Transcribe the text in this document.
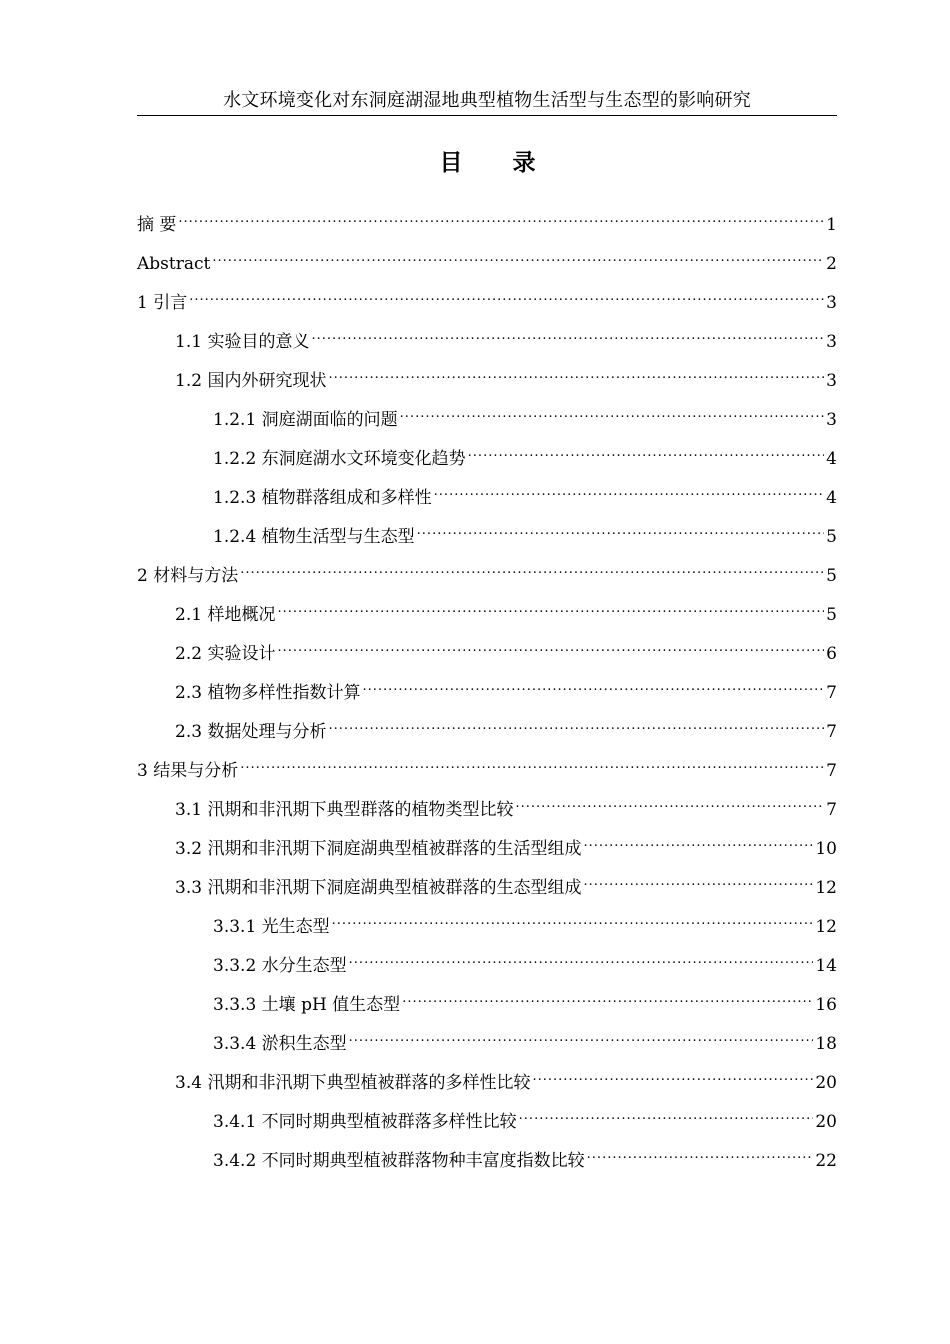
水文环境变化对东洞庭湖湿地典型植物生活型与生态型的影响研究
目 录
摘 要 .....	1
Abstract .....	2
1 引言 .....	3
1.1 实验目的意义 .....	3
1.2 国内外研究现状 .....	3
1.2.1 洞庭湖面临的问题 .....	3
1.2.2 东洞庭湖水文环境变化趋势 .....	4
1.2.3 植物群落组成和多样性 .....	4
1.2.4 植物生活型与生态型 .....	5
2 材料与方法 .....	5
2.1 样地概况 .....	5
2.2 实验设计 .....	6
2.3 植物多样性指数计算 .....	7
2.3 数据处理与分析 .....	7
3 结果与分析 .....	7
3.1 汛期和非汛期下典型群落的植物类型比较 .....	7
3.2 汛期和非汛期下洞庭湖典型植被群落的生活型组成 .....	10
3.3 汛期和非汛期下洞庭湖典型植被群落的生态型组成 .....	12
3.3.1 光生态型 .....	12
3.3.2 水分生态型 .....	14
3.3.3 土壤 pH 值生态型 .....	16
3.3.4 淤积生态型 .....	18
3.4 汛期和非汛期下典型植被群落的多样性比较 .....	20
3.4.1 不同时期典型植被群落多样性比较 .....	20
3.4.2 不同时期典型植被群落物种丰富度指数比较 .....	22
